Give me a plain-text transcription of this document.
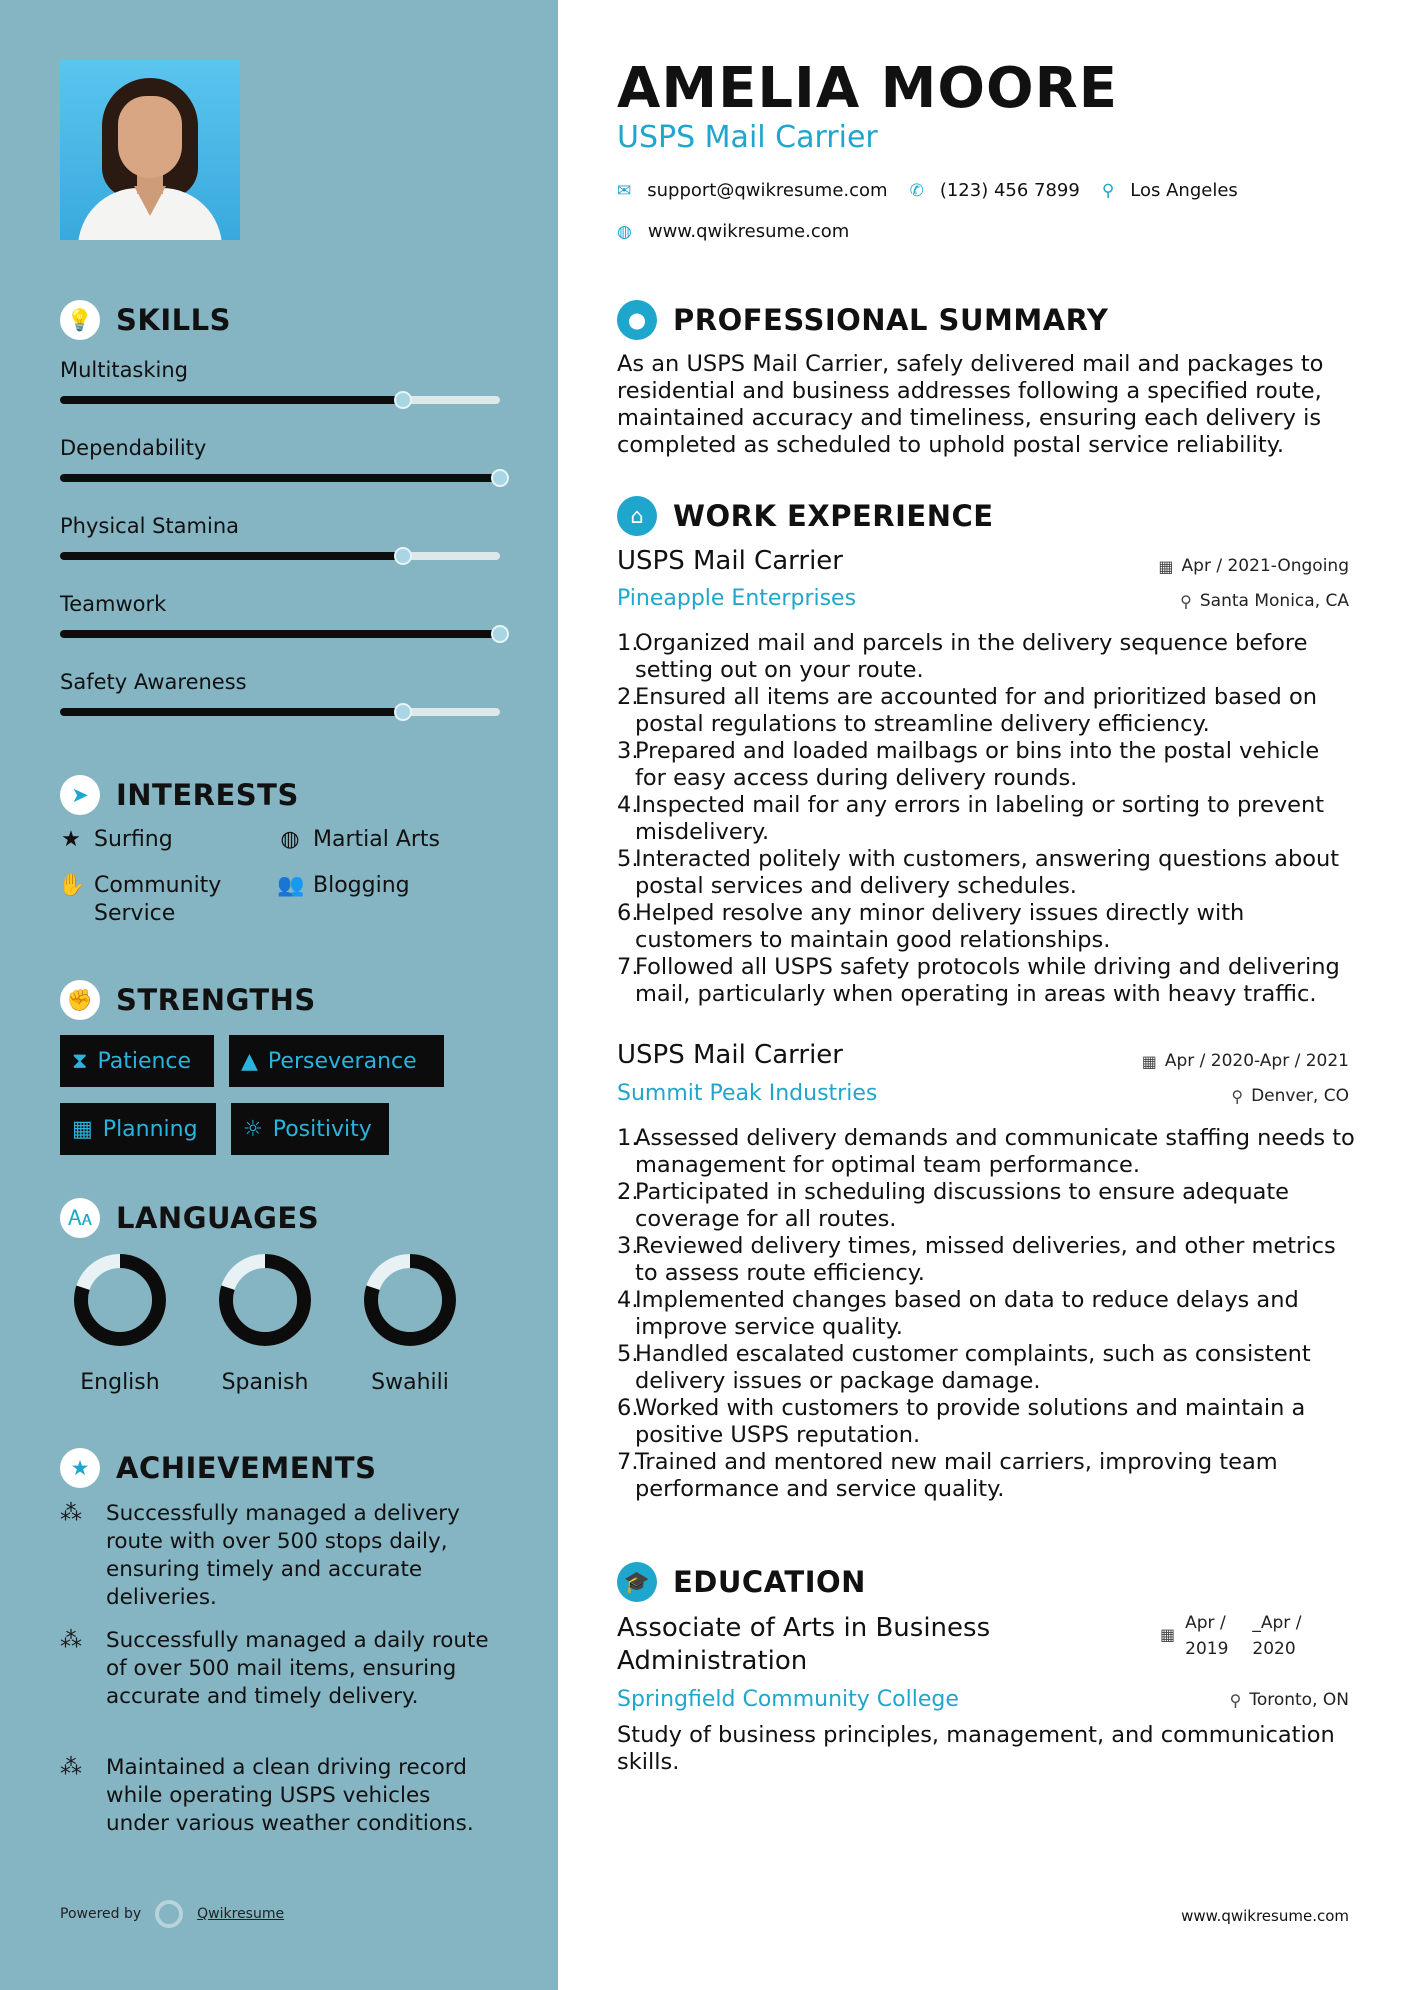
💡 SKILLS
Multitasking
Dependability
Physical Stamina
Teamwork
Safety Awareness
➤ INTERESTS
★ Surfing	◍ Martial Arts
✋ Community
Service
👥 Blogging
✊ STRENGTHS
⧗ Patience ▲ Perseverance
▦ Planning ☼ Positivity
🗛 LANGUAGES
English	Spanish	Swahili
★ ACHIEVEMENTS
⁂	Successfully managed a delivery route with over 500 stops daily, ensuring timely and accurate deliveries.
⁂	Successfully managed a daily route of over 500 mail items, ensuring accurate and timely delivery.
⁂	Maintained a clean driving record while operating USPS vehicles under various weather conditions.
Powered by	Qwikresume
AMELIA MOORE
USPS Mail Carrier
✉ support@qwikresume.com ✆ (123) 456 7899 ⚲ Los Angeles
◍ www.qwikresume.com
● PROFESSIONAL SUMMARY
As an USPS Mail Carrier, safely delivered mail and packages to residential and business addresses following a specified route, maintained accuracy and timeliness, ensuring each delivery is completed as scheduled to uphold postal service reliability.
⌂	WORK EXPERIENCE
USPS Mail Carrier	▦ Apr / 2021-Ongoing
Pineapple Enterprises	⚲ Santa Monica, CA
1.
Organized mail and parcels in the delivery sequence before setting out on your route.
2.
Ensured all items are accounted for and prioritized based on postal regulations to streamline delivery efficiency.
3.
Prepared and loaded mailbags or bins into the postal vehicle for easy access during delivery rounds.
4.
Inspected mail for any errors in labeling or sorting to prevent misdelivery.
5.
Interacted politely with customers, answering questions about postal services and delivery schedules.
6.
Helped resolve any minor delivery issues directly with customers to maintain good relationships.
7.
Followed all USPS safety protocols while driving and delivering mail, particularly when operating in areas with heavy traffic.
USPS Mail Carrier	▦ Apr / 2020-Apr / 2021
Summit Peak Industries	⚲ Denver, CO
1.
Assessed delivery demands and communicate staffing needs to management for optimal team performance.
2.
Participated in scheduling discussions to ensure adequate coverage for all routes.
3.
Reviewed delivery times, missed deliveries, and other metrics to assess route efficiency.
4.
Implemented changes based on data to reduce delays and improve service quality.
5.
Handled escalated customer complaints, such as consistent delivery issues or package damage.
6.
Worked with customers to provide solutions and maintain a positive USPS reputation.
7.
Trained and mentored new mail carriers, improving team performance and service quality.
🎓 EDUCATION
Associate of Arts in Business Administration
▦
Apr /
2019
_Apr /
2020
Springfield Community College	⚲ Toronto, ON
Study of business principles, management, and communication skills.
www.qwikresume.com
